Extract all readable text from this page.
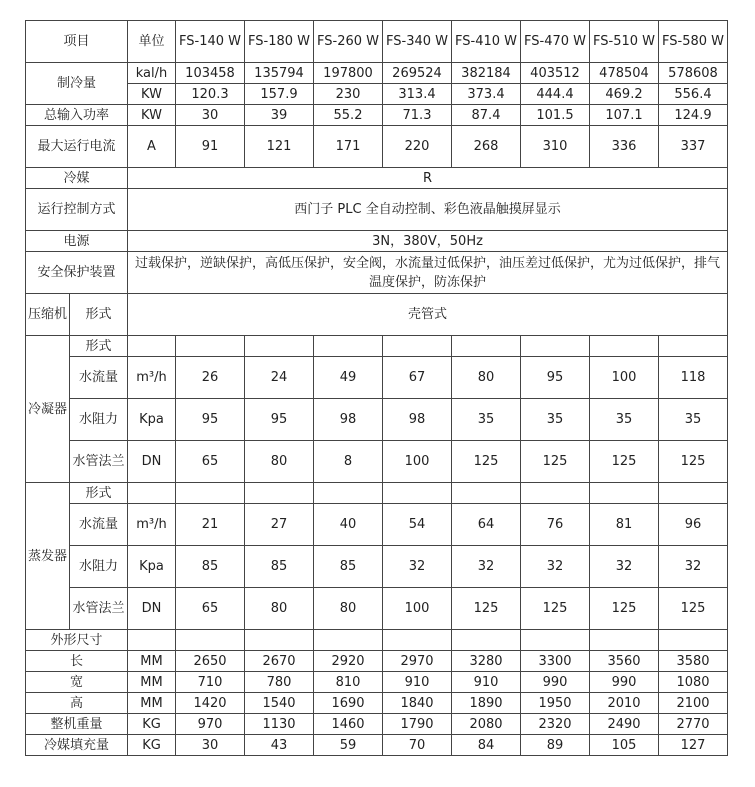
项目		单位	FS-140 W	FS-180 W	FS-260 W	FS-340 W	FS-410 W	FS-470 W	FS-510 W	FS-580 W
制冷量		kal/h	103458	135794	197800	269524	382184	403512	478504	578608
		KW	120.3	157.9	230	313.4	373.4	444.4	469.2	556.4
总输入功率		KW	30	39	55.2	71.3	87.4	101.5	107.1	124.9
最大运行电流		A	91	121	171	220	268	310	336	337
冷媒		R								
运行控制方式		西门子 PLC 全自动控制、彩色液晶触摸屏显示								
电源		3N，380V，50Hz								
安全保护装置		过载保护，逆缺保护，高低压保护，安全阀，水流量过低保护，油压差过低保护，尤为过低保护，排气温度保护，防冻保护								
压缩机	形式	壳管式								
冷凝器	形式									
	水流量	m³/h	26	24	49	67	80	95	100	118
	水阻力	Kpa	95	95	98	98	35	35	35	35
	水管法兰	DN	65	80	8	100	125	125	125	125
蒸发器	形式									
	水流量	m³/h	21	27	40	54	64	76	81	96
	水阻力	Kpa	85	85	85	32	32	32	32	32
	水管法兰	DN	65	80	80	100	125	125	125	125
外形尺寸										
长		MM	2650	2670	2920	2970	3280	3300	3560	3580
宽		MM	710	780	810	910	910	990	990	1080
高		MM	1420	1540	1690	1840	1890	1950	2010	2100
整机重量		KG	970	1130	1460	1790	2080	2320	2490	2770
冷媒填充量		KG	30	43	59	70	84	89	105	127
